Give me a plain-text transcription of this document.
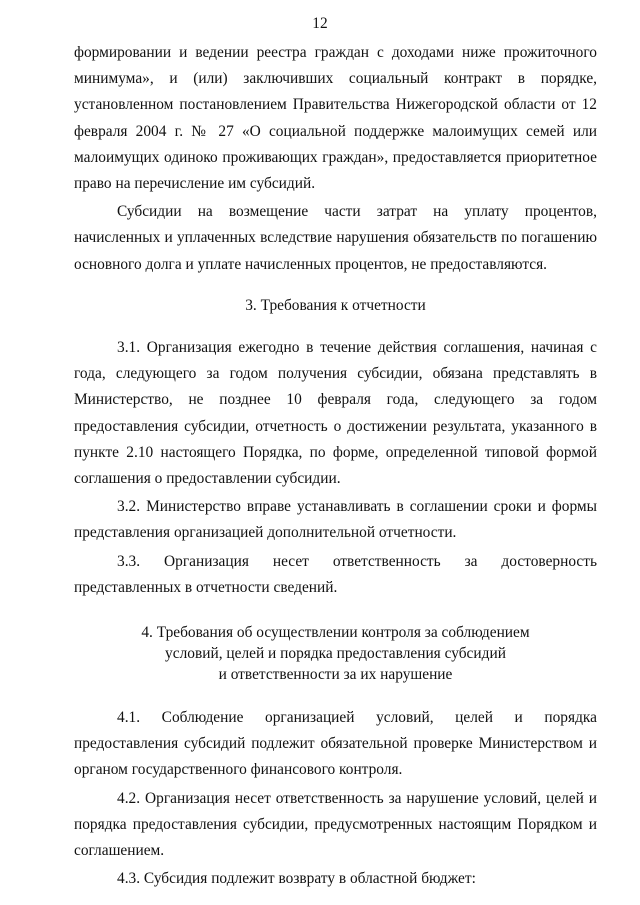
12

формировании и ведении реестра граждан с доходами ниже прожиточного минимума», и (или) заключивших социальный контракт в порядке, установленном постановлением Правительства Нижегородской области от 12 февраля 2004 г. № 27 «О социальной поддержке малоимущих семей или малоимущих одиноко проживающих граждан», предоставляется приоритетное право на перечисление им субсидий.

Субсидии на возмещение части затрат на уплату процентов, начисленных и уплаченных вследствие нарушения обязательств по погашению основного долга и уплате начисленных процентов, не предоставляются.

3. Требования к отчетности

3.1. Организация ежегодно в течение действия соглашения, начиная с года, следующего за годом получения субсидии, обязана представлять в Министерство, не позднее 10 февраля года, следующего за годом предоставления субсидии, отчетность о достижении результата, указанного в пункте 2.10 настоящего Порядка, по форме, определенной типовой формой соглашения о предоставлении субсидии.

3.2. Министерство вправе устанавливать в соглашении сроки и формы представления организацией дополнительной отчетности.

3.3. Организация несет ответственность за достоверность представленных в отчетности сведений.

4. Требования об осуществлении контроля за соблюдением
условий, целей и порядка предоставления субсидий
и ответственности за их нарушение

4.1. Соблюдение организацией условий, целей и порядка предоставления субсидий подлежит обязательной проверке Министерством и органом государственного финансового контроля.

4.2. Организация несет ответственность за нарушение условий, целей и порядка предоставления субсидии, предусмотренных настоящим Порядком и соглашением.

4.3. Субсидия подлежит возврату в областной бюджет:
